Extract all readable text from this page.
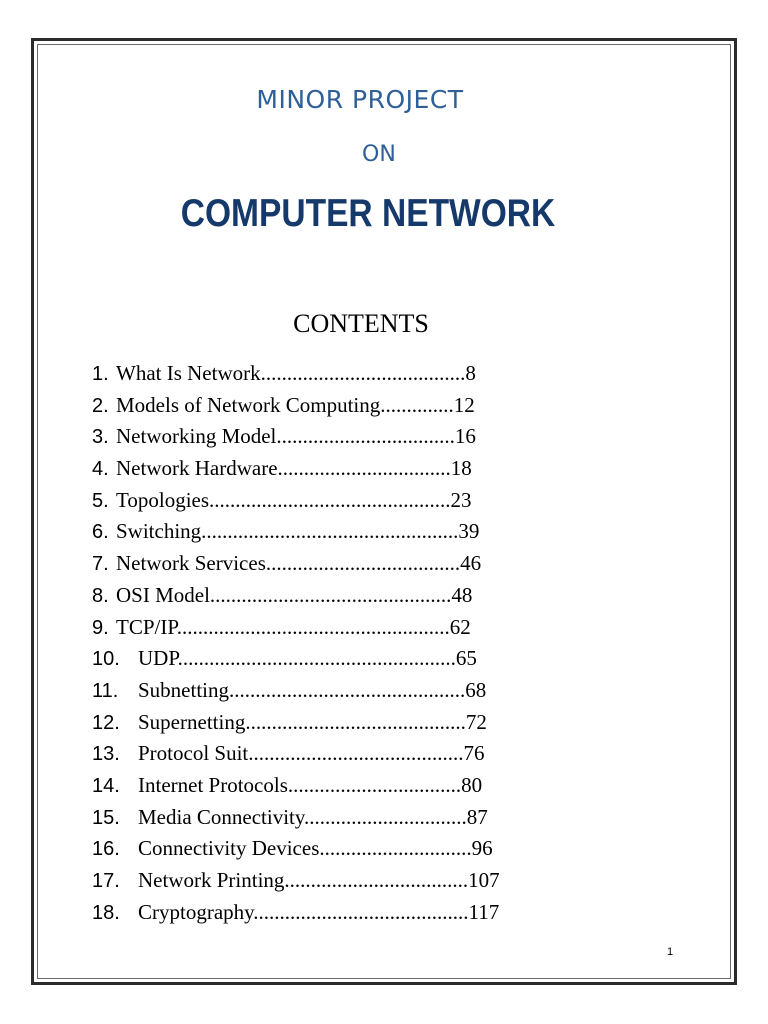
MINOR PROJECT
ON
COMPUTER NETWORK
CONTENTS
1. What Is Network.......................................8
2. Models of Network Computing..............12
3. Networking Model..................................16
4. Network Hardware.................................18
5. Topologies..............................................23
6. Switching.................................................39
7. Network Services.....................................46
8. OSI Model..............................................48
9. TCP/IP....................................................62
10. UDP.....................................................65
11. Subnetting.............................................68
12. Supernetting..........................................72
13. Protocol Suit.........................................76
14. Internet Protocols.................................80
15. Media Connectivity...............................87
16. Connectivity Devices.............................96
17. Network Printing...................................107
18. Cryptography.........................................117
1
